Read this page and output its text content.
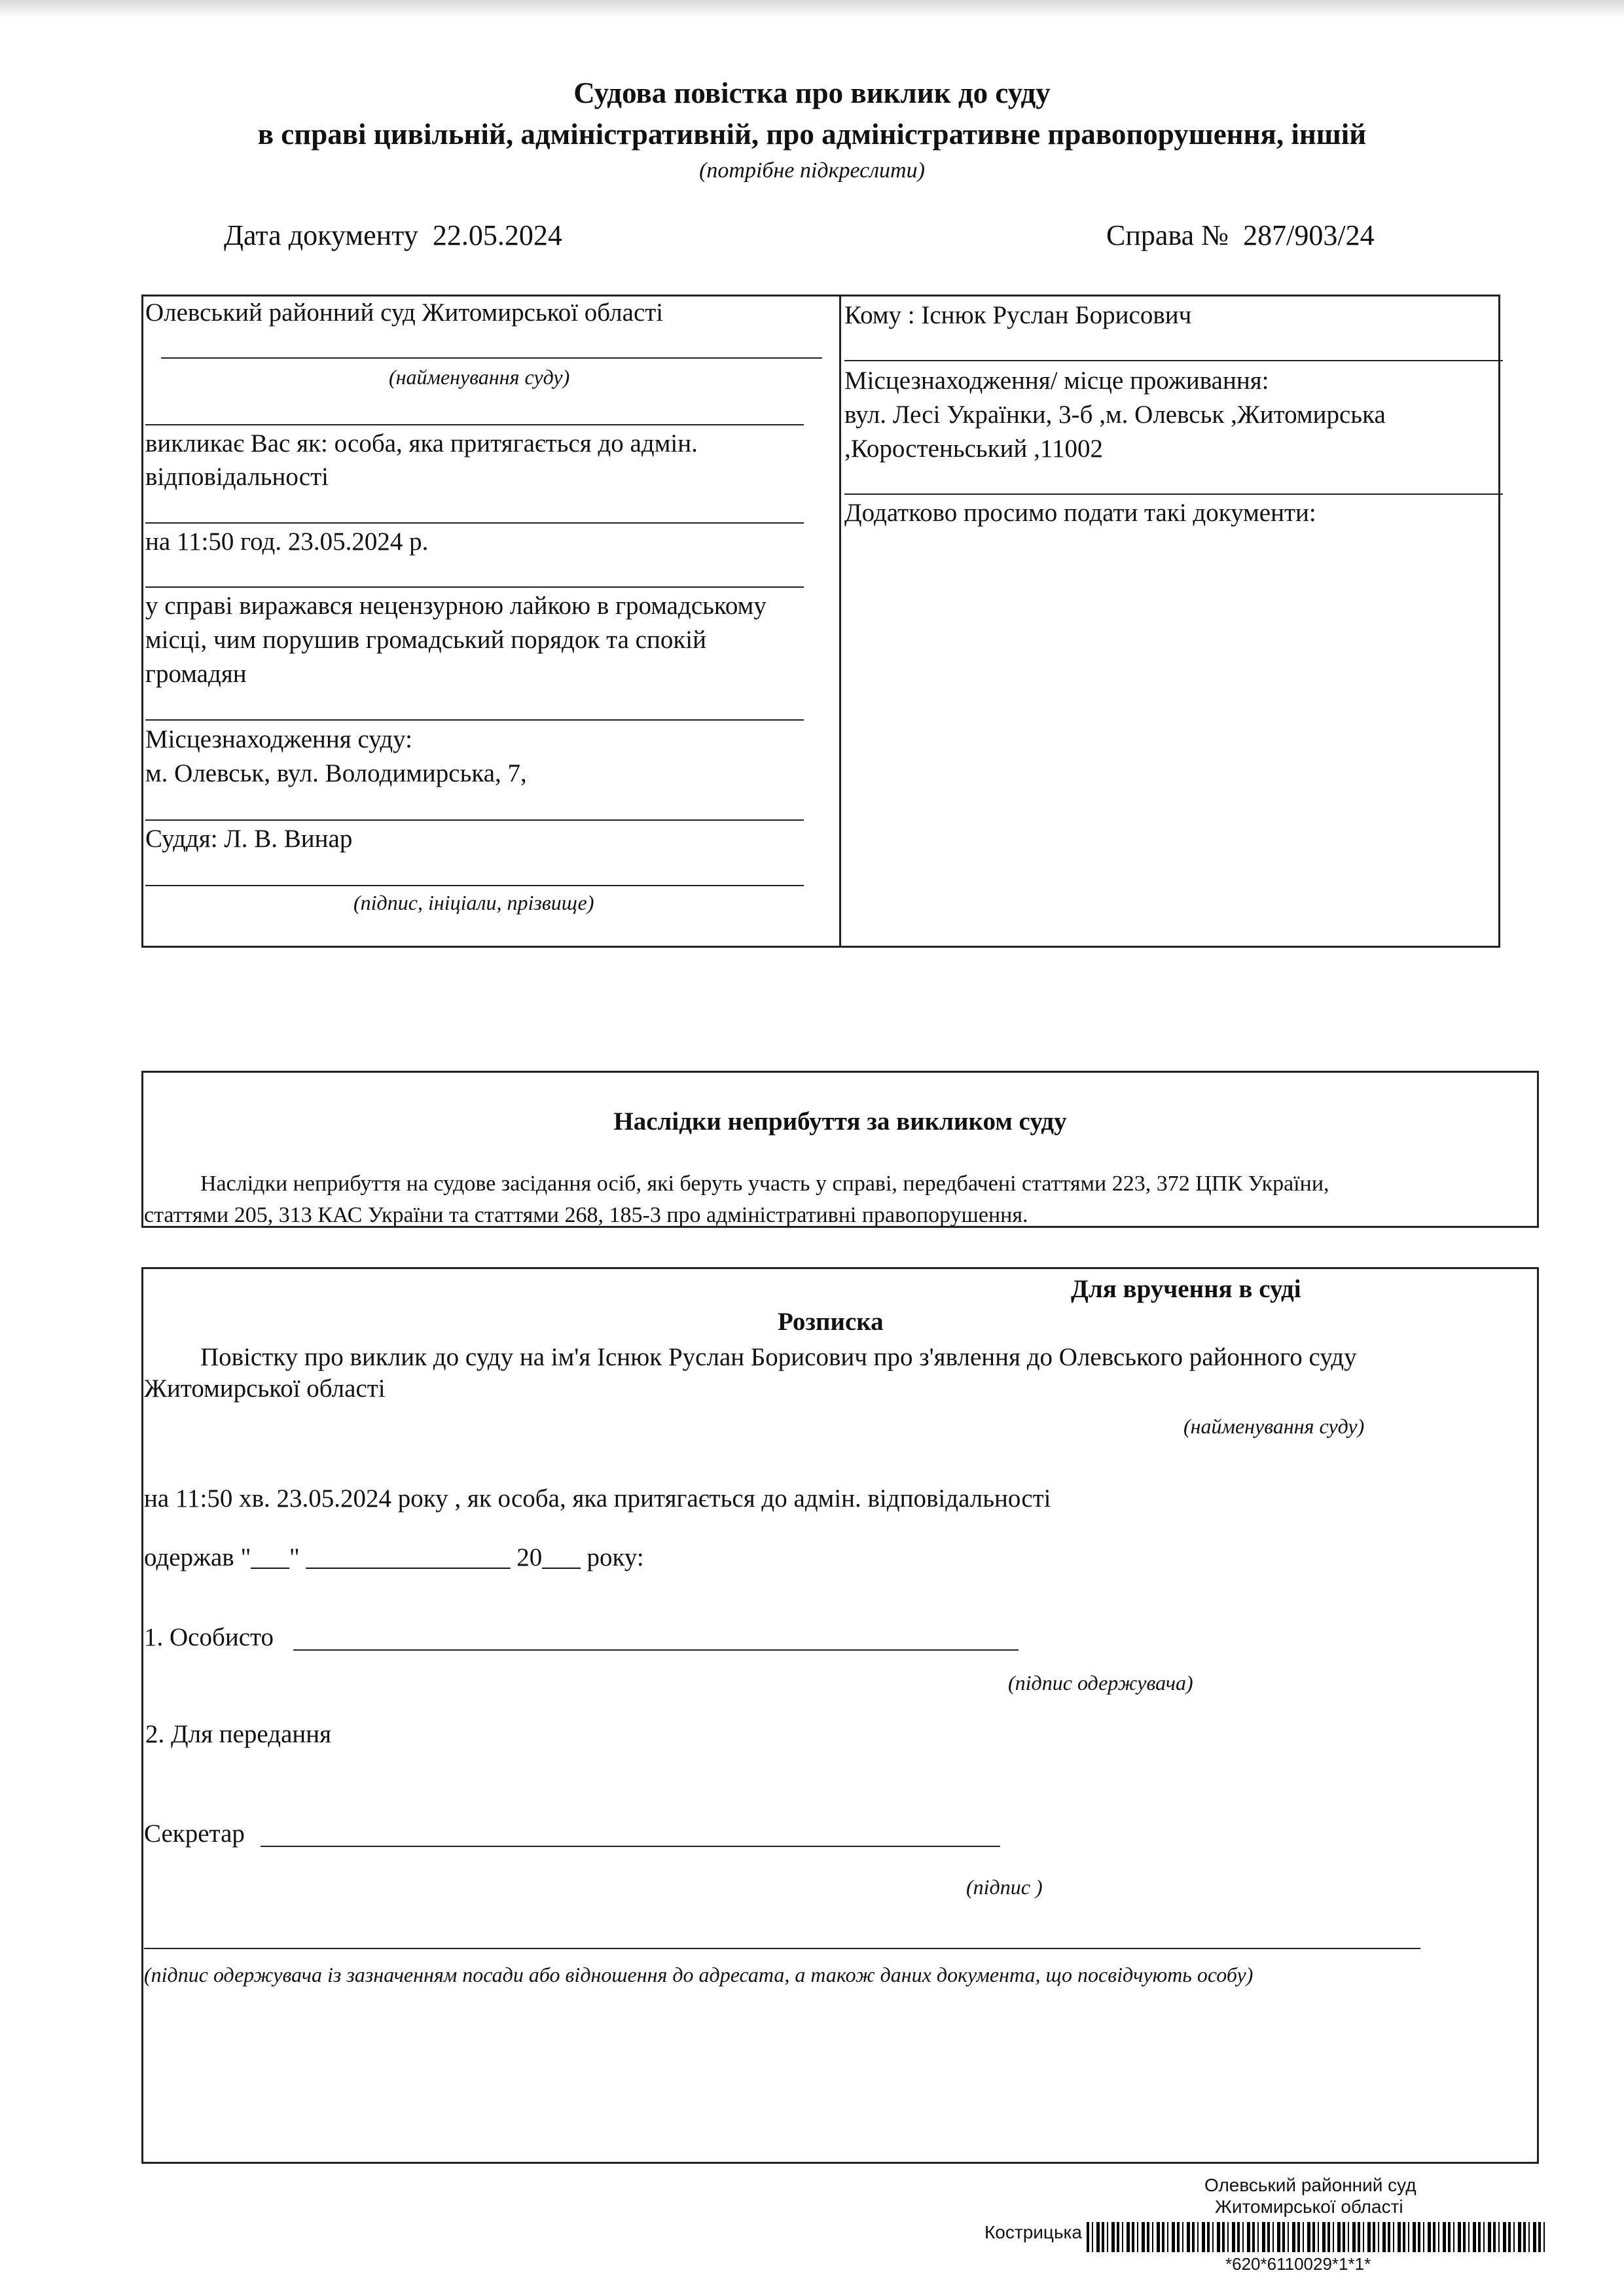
Судова повістка про виклик до суду
в справі цивільній, адміністративній, про адміністративне правопорушення, іншій
(потрібне підкреслити)
Дата документу 22.05.2024	Справа № 287/903/24
Олевський районний суд Житомирської області
(найменування суду)
викликає Вас як: особа, яка притягається до адмін.
відповідальності
на 11:50 год. 23.05.2024 р.
у справі виражався нецензурною лайкою в громадському
місці, чим порушив громадський порядок та спокій
громадян
Місцезнаходження суду:
м. Олевськ, вул. Володимирська, 7,
Суддя: Л. В. Винар
(підпис, ініціали, прізвище)
Кому : Існюк Руслан Борисович
Місцезнаходження/ місце проживання:
вул. Лесі Українки, 3-б ,м. Олевськ ,Житомирська
,Коростеньський ,11002
Додатково просимо подати такі документи:
Наслідки неприбуття за викликом суду
Наслідки неприбуття на судове засідання осіб, які беруть участь у справі, передбачені статтями 223, 372 ЦПК України,
статтями 205, 313 КАС України та статтями 268, 185-3 про адміністративні правопорушення.
Для вручення в суді
Розписка
Повістку про виклик до суду на ім'я Існюк Руслан Борисович про з'явлення до Олевського районного суду
Житомирської області
(найменування суду)
на 11:50 хв. 23.05.2024 року , як особа, яка притягається до адмін. відповідальності
одержав "___" ________________ 20___ року:
1. Особисто
(підпис одержувача)
2. Для передання
Секретар
(підпис )
(підпис одержувача із зазначенням посади або відношення до адресата, а також даних документа, що посвідчують особу)
Олевський районний суд
Житомирської області
Кострицька
*620*6110029*1*1*
